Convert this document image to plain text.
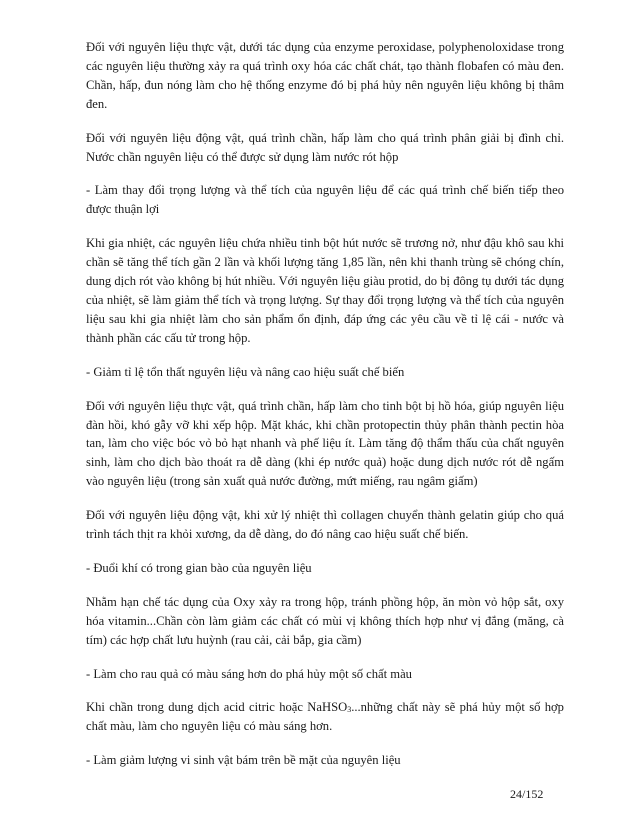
Đối với nguyên liệu thực vật, dưới tác dụng của enzyme peroxidase, polyphenoloxidase trong các nguyên liệu thường xảy ra quá trình oxy hóa các chất chát, tạo thành flobafen có màu đen. Chần, hấp, đun nóng làm cho hệ thống enzyme đó bị phá hủy nên nguyên liệu không bị thâm đen.

Đối với nguyên liệu động vật, quá trình chần, hấp làm cho quá trình phân giải bị đình chỉ. Nước chần nguyên liệu có thể được sử dụng làm nước rót hộp

- Làm thay đổi trọng lượng và thể tích của nguyên liệu để các quá trình chế biến tiếp theo được thuận lợi

Khi gia nhiệt, các nguyên liệu chứa nhiều tinh bột hút nước sẽ trương nở, như đậu khô sau khi chần sẽ tăng thể tích gần 2 lần và khối lượng tăng 1,85 lần, nên khi thanh trùng sẽ chóng chín, dung dịch rót vào không bị hút nhiều. Với nguyên liệu giàu protid, do bị đông tụ dưới tác dụng của nhiệt, sẽ làm giảm thể tích và trọng lượng. Sự thay đổi trọng lượng và thể tích của nguyên liệu sau khi gia nhiệt làm cho sản phẩm ổn định, đáp ứng các yêu cầu về tỉ lệ cái - nước và thành phần các cấu tử trong hộp.

- Giảm tỉ lệ tổn thất nguyên liệu và nâng cao hiệu suất chế biến

Đối với nguyên liệu thực vật, quá trình chần, hấp làm cho tinh bột bị hồ hóa, giúp nguyên liệu đàn hồi, khó gẫy vỡ khi xếp hộp. Mặt khác, khi chần protopectin thủy phân thành pectin hòa tan, làm cho việc bóc vỏ bỏ hạt nhanh và phế liệu ít. Làm tăng độ thẩm thấu của chất nguyên sinh, làm cho dịch bào thoát ra dễ dàng (khi ép nước quả) hoặc dung dịch nước rót dễ ngấm vào nguyên liệu (trong sản xuất quả nước đường, mứt miếng, rau ngâm giấm)

Đối với nguyên liệu động vật, khi xử lý nhiệt thì collagen chuyển thành gelatin giúp cho quá trình tách thịt ra khỏi xương, da dễ dàng, do đó nâng cao hiệu suất chế biến.

- Đuổi khí có trong gian bào của nguyên liệu

Nhằm hạn chế tác dụng của Oxy xảy ra trong hộp, tránh phồng hộp, ăn mòn vỏ hộp sắt, oxy hóa vitamin...Chần còn làm giảm các chất có mùi vị không thích hợp như vị đắng (măng, cà tím) các hợp chất lưu huỳnh (rau cải, cải bắp, gia cầm)

- Làm cho rau quả có màu sáng hơn do phá hủy một số chất màu

Khi chần trong dung dịch acid citric hoặc NaHSO$_3$...những chất này sẽ phá hủy một số hợp chất màu, làm cho nguyên liệu có màu sáng hơn.

- Làm giảm lượng vi sinh vật bám trên bề mặt của nguyên liệu

24/152
